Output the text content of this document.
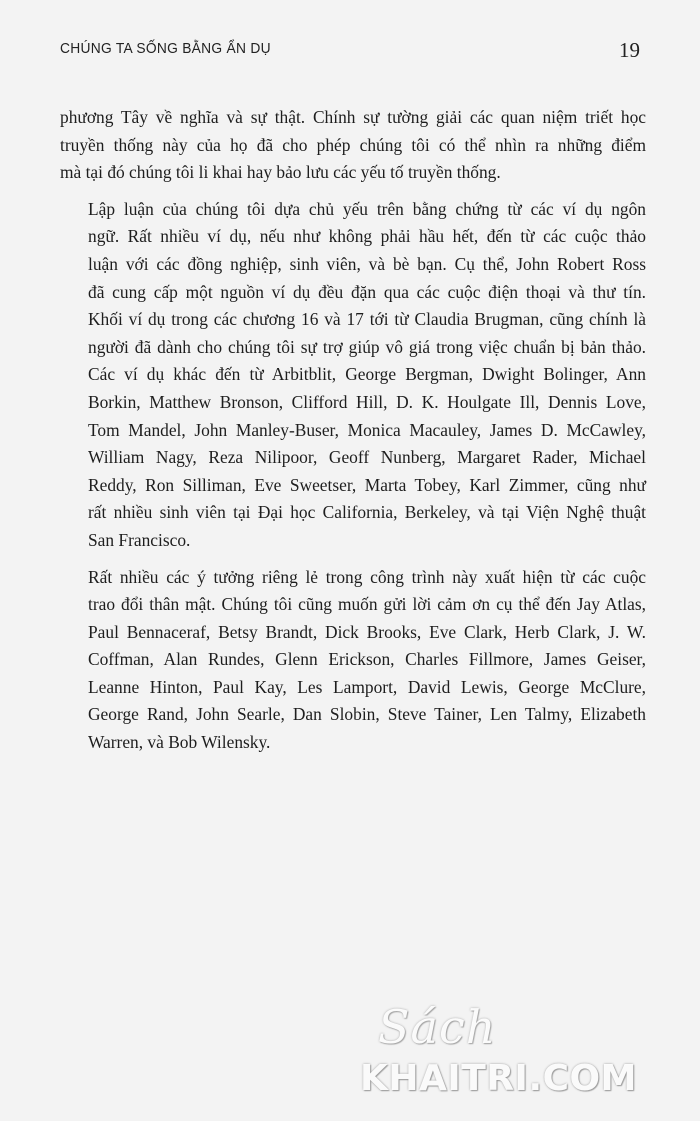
CHÚNG TA SỐNG BẰNG ẨN DỤ	19

phương Tây về nghĩa và sự thật. Chính sự tường giải các quan niệm triết học
truyền thống này của họ đã cho phép chúng tôi có thể nhìn ra những điểm
mà tại đó chúng tôi li khai hay bảo lưu các yếu tố truyền thống.

Lập luận của chúng tôi dựa chủ yếu trên bằng chứng từ các ví dụ ngôn
ngữ. Rất nhiều ví dụ, nếu như không phải hầu hết, đến từ các cuộc thảo
luận với các đồng nghiệp, sinh viên, và bè bạn. Cụ thể, John Robert Ross
đã cung cấp một nguồn ví dụ đều đặn qua các cuộc điện thoại và thư tín.
Khối ví dụ trong các chương 16 và 17 tới từ Claudia Brugman, cũng chính là
người đã dành cho chúng tôi sự trợ giúp vô giá trong việc chuẩn bị bản thảo.
Các ví dụ khác đến từ Arbitblit, George Bergman, Dwight Bolinger, Ann
Borkin, Matthew Bronson, Clifford Hill, D. K. Houlgate Ill, Dennis Love,
Tom Mandel, John Manley-Buser, Monica Macauley, James D. McCawley,
William Nagy, Reza Nilipoor, Geoff Nunberg, Margaret Rader, Michael
Reddy, Ron Silliman, Eve Sweetser, Marta Tobey, Karl Zimmer, cũng như
rất nhiều sinh viên tại Đại học California, Berkeley, và tại Viện Nghệ thuật
San Francisco.

Rất nhiều các ý tưởng riêng lẻ trong công trình này xuất hiện từ các cuộc
trao đổi thân mật. Chúng tôi cũng muốn gửi lời cảm ơn cụ thể đến Jay Atlas,
Paul Bennaceraf, Betsy Brandt, Dick Brooks, Eve Clark, Herb Clark, J. W.
Coffman, Alan Rundes, Glenn Erickson, Charles Fillmore, James Geiser,
Leanne Hinton, Paul Kay, Les Lamport, David Lewis, George McClure,
George Rand, John Searle, Dan Slobin, Steve Tainer, Len Talmy, Elizabeth
Warren, và Bob Wilensky.

Sách
KHAITRI.COM
